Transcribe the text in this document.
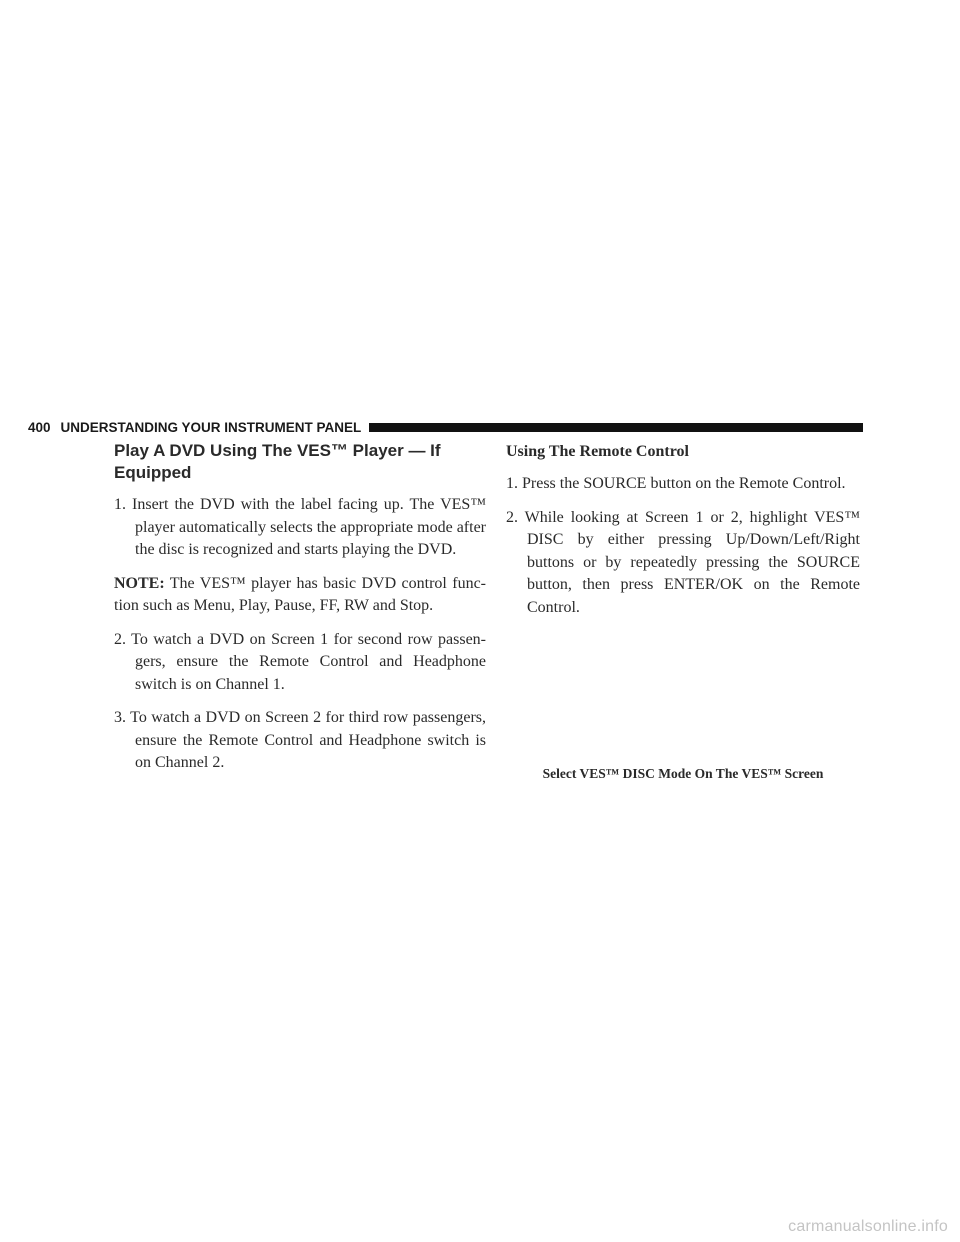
400 UNDERSTANDING YOUR INSTRUMENT PANEL
Play A DVD Using The VES™ Player — If Equipped

1. Insert the DVD with the label facing up. The VES™ player automatically selects the appropriate mode after the disc is recognized and starts playing the DVD.

NOTE: The VES™ player has basic DVD control func- tion such as Menu, Play, Pause, FF, RW and Stop.

2. To watch a DVD on Screen 1 for second row passen- gers, ensure the Remote Control and Headphone switch is on Channel 1.

3. To watch a DVD on Screen 2 for third row passengers, ensure the Remote Control and Headphone switch is on Channel 2.

Using The Remote Control

1. Press the SOURCE button on the Remote Control.

2. While looking at Screen 1 or 2, highlight VES™ DISC by either pressing Up/Down/Left/Right buttons or by repeatedly pressing the SOURCE button, then press ENTER/OK on the Remote Control.

Select VES™ DISC Mode On The VES™ Screen
carmanualsonline.info
